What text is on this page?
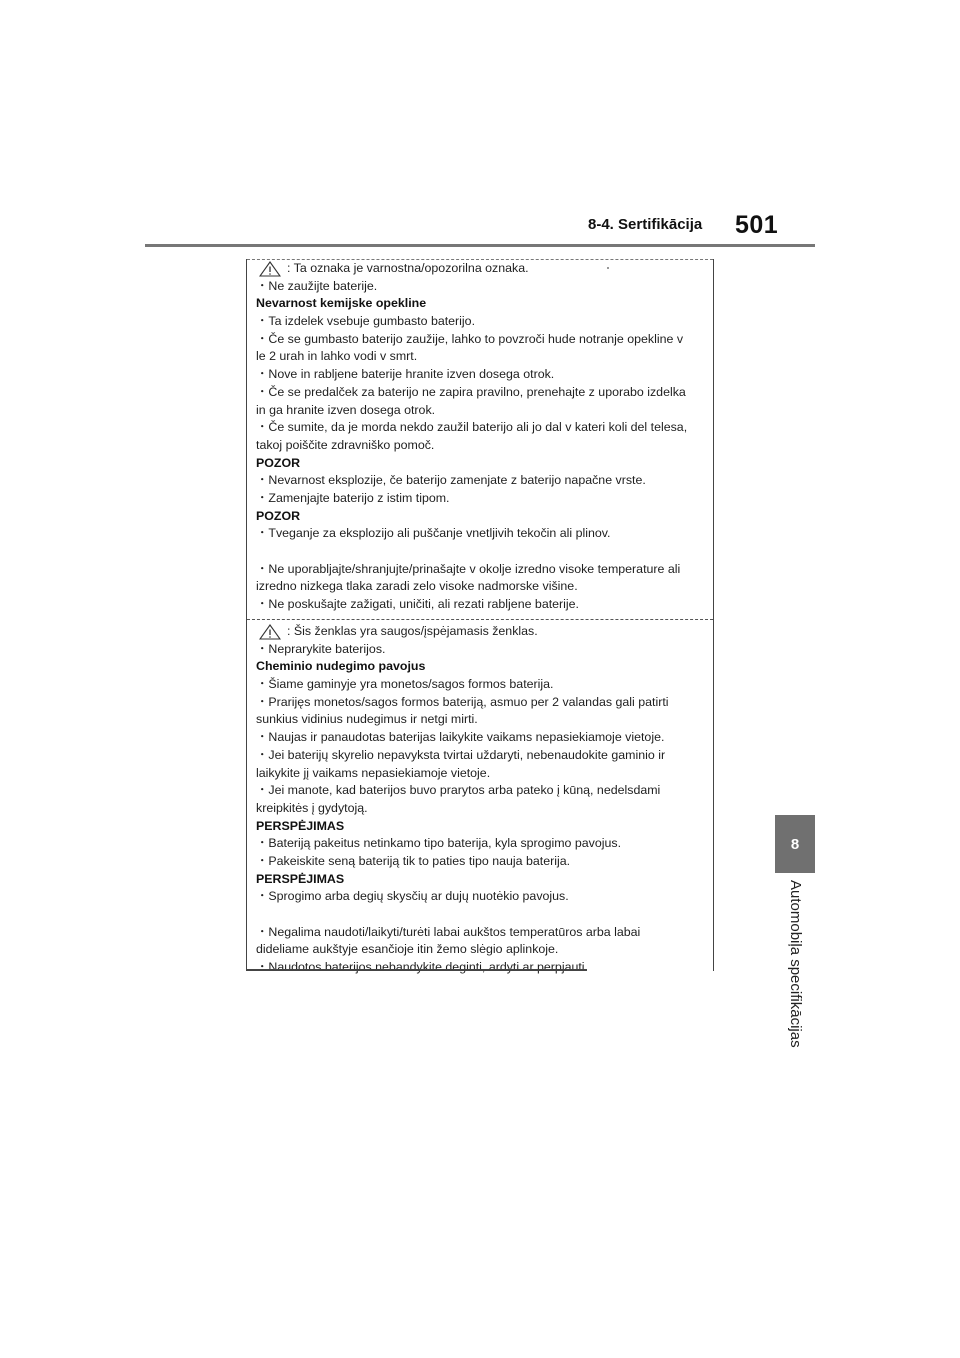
8-4. Sertifikācija 501
8
Automobiļa specifikācijas
: Ta oznaka je varnostna/opozorilna oznaka.
・Ne zaužijte baterije.
Nevarnost kemijske opekline
・Ta izdelek vsebuje gumbasto baterijo.
・Če se gumbasto baterijo zaužije, lahko to povzroči hude notranje opekline v
le 2 urah in lahko vodi v smrt.
・Nove in rabljene baterije hranite izven dosega otrok.
・Če se predalček za baterijo ne zapira pravilno, prenehajte z uporabo izdelka
in ga hranite izven dosega otrok.
・Če sumite, da je morda nekdo zaužil baterijo ali jo dal v kateri koli del telesa,
takoj poiščite zdravniško pomoč.
POZOR
・Nevarnost eksplozije, če baterijo zamenjate z baterijo napačne vrste.
・Zamenjajte baterijo z istim tipom.
POZOR
・Tveganje za eksplozijo ali puščanje vnetljivih tekočin ali plinov.
・Ne uporabljajte/shranjujte/prinašajte v okolje izredno visoke temperature ali
izredno nizkega tlaka zaradi zelo visoke nadmorske višine.
・Ne poskušajte zažigati, uničiti, ali rezati rabljene baterije.
: Šis ženklas yra saugos/įspėjamasis ženklas.
・Neprarykite baterijos.
Cheminio nudegimo pavojus
・Šiame gaminyje yra monetos/sagos formos baterija.
・Prarijęs monetos/sagos formos bateriją, asmuo per 2 valandas gali patirti
sunkius vidinius nudegimus ir netgi mirti.
・Naujas ir panaudotas baterijas laikykite vaikams nepasiekiamoje vietoje.
・Jei baterijų skyrelio nepavyksta tvirtai uždaryti, nebenaudokite gaminio ir
laikykite jį vaikams nepasiekiamoje vietoje.
・Jei manote, kad baterijos buvo prarytos arba pateko į kūną, nedelsdami
kreipkitės į gydytoją.
PERSPĖJIMAS
・Bateriją pakeitus netinkamo tipo baterija, kyla sprogimo pavojus.
・Pakeiskite seną bateriją tik to paties tipo nauja baterija.
PERSPĖJIMAS
・Sprogimo arba degių skysčių ar dujų nuotėkio pavojus.
・Negalima naudoti/laikyti/turėti labai aukštos temperatūros arba labai
dideliame aukštyje esančioje itin žemo slėgio aplinkoje.
・Naudotos baterijos nebandykite deginti, ardyti ar perpjauti.
